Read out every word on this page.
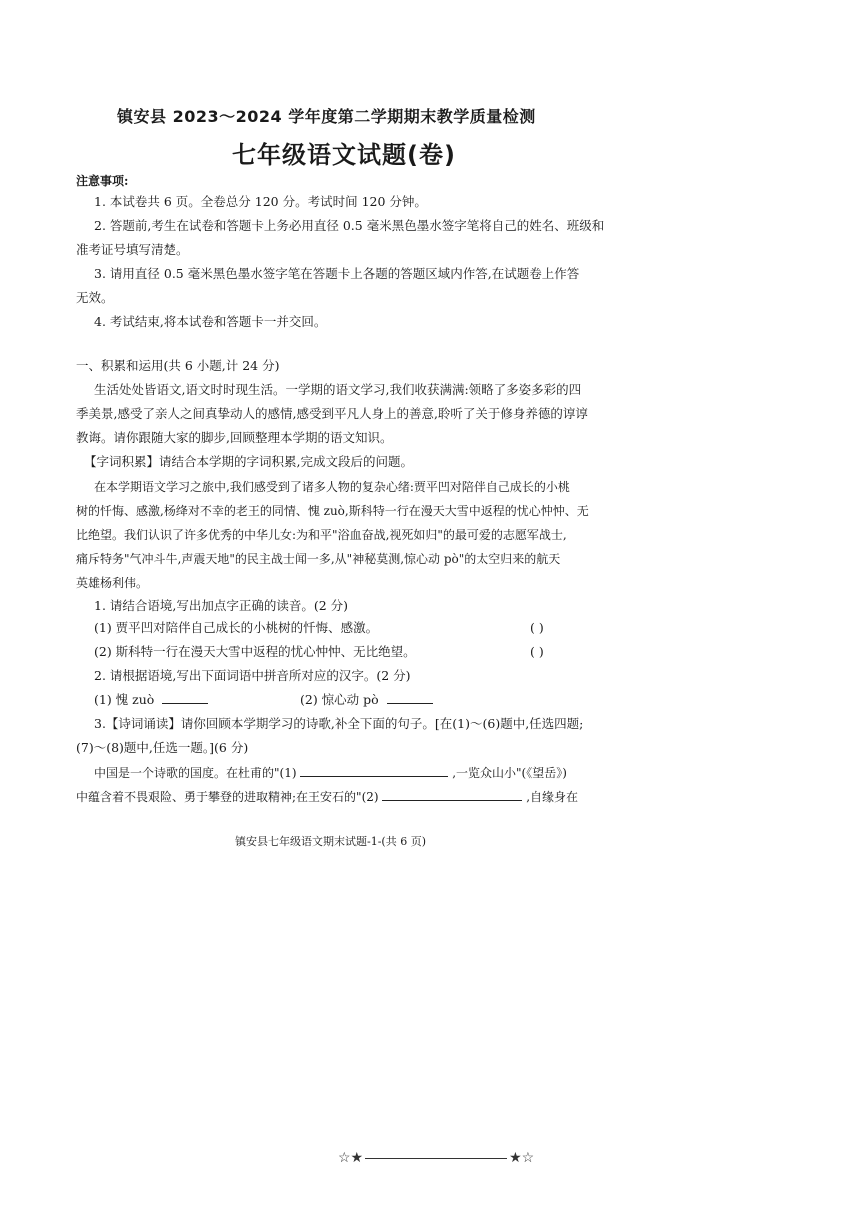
镇安县 2023～2024 学年度第二学期期末教学质量检测
七年级语文试题(卷)
注意事项:
1. 本试卷共 6 页。全卷总分 120 分。考试时间 120 分钟。
2. 答题前,考生在试卷和答题卡上务必用直径 0.5 毫米黑色墨水签字笔将自己的姓名、班级和
准考证号填写清楚。
3. 请用直径 0.5 毫米黑色墨水签字笔在答题卡上各题的答题区域内作答,在试题卷上作答
无效。
4. 考试结束,将本试卷和答题卡一并交回。
一、积累和运用(共 6 小题,计 24 分)
生活处处皆语文,语文时时现生活。一学期的语文学习,我们收获满满:领略了多姿多彩的四
季美景,感受了亲人之间真挚动人的感情,感受到平凡人身上的善意,聆听了关于修身养德的谆谆
教诲。请你跟随大家的脚步,回顾整理本学期的语文知识。
【字词积累】请结合本学期的字词积累,完成文段后的问题。
在本学期语文学习之旅中,我们感受到了诸多人物的复杂心绪:贾平凹对陪伴自己成长的小桃
树的忏悔、感激,杨绛对不幸的老王的同情、愧 zuò,斯科特一行在漫天大雪中返程的忧心忡忡、无
比绝望。我们认识了许多优秀的中华儿女:为和平"浴血奋战,视死如归"的最可爱的志愿军战士,
痛斥特务"气冲斗牛,声震天地"的民主战士闻一多,从"神秘莫测,惊心动 pò"的太空归来的航天
英雄杨利伟。
1. 请结合语境,写出加点字正确的读音。(2 分)
(1) 贾平凹对陪伴自己成长的小桃树的忏悔、感激。	( )
(2) 斯科特一行在漫天大雪中返程的忧心忡忡、无比绝望。	( )
2. 请根据语境,写出下面词语中拼音所对应的汉字。(2 分)
(1) 愧 zuò	(2) 惊心动 pò
3.【诗词诵读】请你回顾本学期学习的诗歌,补全下面的句子。[在(1)～(6)题中,任选四题;
(7)～(8)题中,任选一题。](6 分)
中国是一个诗歌的国度。在杜甫的"(1)	,一览众山小"(《望岳》)
中蕴含着不畏艰险、勇于攀登的进取精神;在王安石的"(2)	,自缘身在
镇安县七年级语文期末试题-1-(共 6 页)
☆★	★☆
